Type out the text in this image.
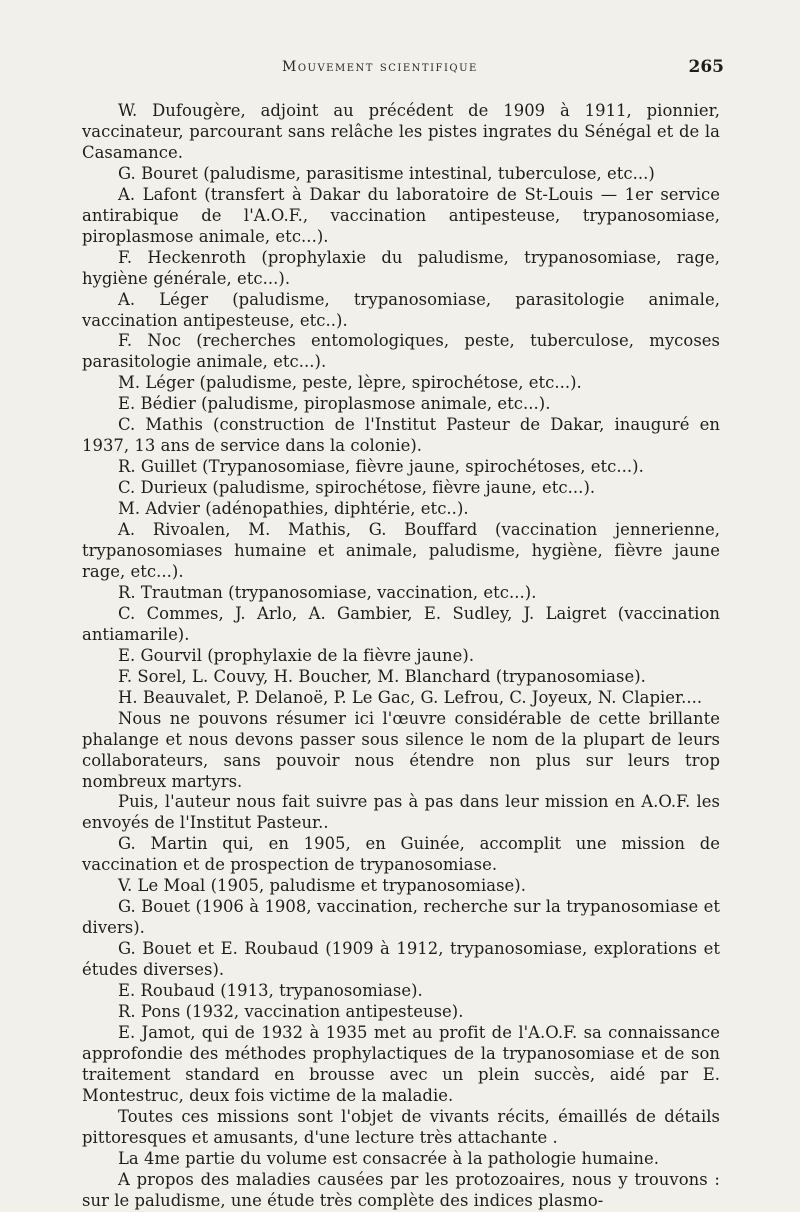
Mouvement scientifique	265

W. Dufougère, adjoint au précédent de 1909 à 1911, pionnier, vaccinateur, parcourant sans relâche les pistes ingrates du Sénégal et de la Casamance.

G. Bouret (paludisme, parasitisme intestinal, tuberculose, etc...)

A. Lafont (transfert à Dakar du laboratoire de St-Louis — 1er service antirabique de l'A.O.F., vaccination antipesteuse, trypanosomiase, piroplasmose animale, etc...).

F. Heckenroth (prophylaxie du paludisme, trypanosomiase, rage, hygiène générale, etc...).

A. Léger (paludisme, trypanosomiase, parasitologie animale, vaccination antipesteuse, etc..).

F. Noc (recherches entomologiques, peste, tuberculose, mycoses parasitologie animale, etc...).

M. Léger (paludisme, peste, lèpre, spirochétose, etc...).

E. Bédier (paludisme, piroplasmose animale, etc...).

C. Mathis (construction de l'Institut Pasteur de Dakar, inauguré en 1937, 13 ans de service dans la colonie).

R. Guillet (Trypanosomiase, fièvre jaune, spirochétoses, etc...).

C. Durieux (paludisme, spirochétose, fièvre jaune, etc...).

M. Advier (adénopathies, diphtérie, etc..).

A. Rivoalen, M. Mathis, G. Bouffard (vaccination jennerienne, trypanosomiases humaine et animale, paludisme, hygiène, fièvre jaune rage, etc...).

R. Trautman (trypanosomiase, vaccination, etc...).

C. Commes, J. Arlo, A. Gambier, E. Sudley, J. Laigret (vaccination antiamarile).

E. Gourvil (prophylaxie de la fièvre jaune).

F. Sorel, L. Couvy, H. Boucher, M. Blanchard (trypanosomiase).

H. Beauvalet, P. Delanoë, P. Le Gac, G. Lefrou, C. Joyeux, N. Clapier....

Nous ne pouvons résumer ici l'œuvre considérable de cette brillante phalange et nous devons passer sous silence le nom de la plupart de leurs collaborateurs, sans pouvoir nous étendre non plus sur leurs trop nombreux martyrs.

Puis, l'auteur nous fait suivre pas à pas dans leur mission en A.O.F. les envoyés de l'Institut Pasteur..

G. Martin qui, en 1905, en Guinée, accomplit une mission de vaccination et de prospection de trypanosomiase.

V. Le Moal (1905, paludisme et trypanosomiase).

G. Bouet (1906 à 1908, vaccination, recherche sur la trypanosomiase et divers).

G. Bouet et E. Roubaud (1909 à 1912, trypanosomiase, explorations et études diverses).

E. Roubaud (1913, trypanosomiase).

R. Pons (1932, vaccination antipesteuse).

E. Jamot, qui de 1932 à 1935 met au profit de l'A.O.F. sa connaissance approfondie des méthodes prophylactiques de la trypanosomiase et de son traitement standard en brousse avec un plein succès, aidé par E. Montestruc, deux fois victime de la maladie.

Toutes ces missions sont l'objet de vivants récits, émaillés de détails pittoresques et amusants, d'une lecture très attachante .

La 4me partie du volume est consacrée à la pathologie humaine.

A propos des maladies causées par les protozoaires, nous y trouvons : sur le paludisme, une étude très complète des indices plasmo-
